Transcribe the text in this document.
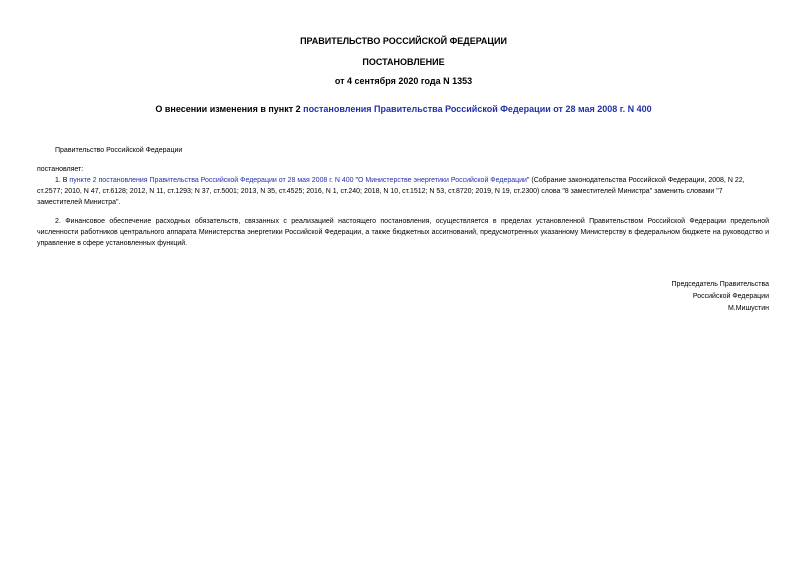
ПРАВИТЕЛЬСТВО РОССИЙСКОЙ ФЕДЕРАЦИИ
ПОСТАНОВЛЕНИЕ
от 4 сентября 2020 года N 1353
О внесении изменения в пункт 2 постановления Правительства Российской Федерации от 28 мая 2008 г. N 400
Правительство Российской Федерации
постановляет:
1. В пункте 2 постановления Правительства Российской Федерации от 28 мая 2008 г. N 400 "О Министерстве энергетики Российской Федерации" (Собрание законодательства Российской Федерации, 2008, N 22, ст.2577; 2010, N 47, ст.6128; 2012, N 11, ст.1293; N 37, ст.5001; 2013, N 35, ст.4525; 2016, N 1, ст.240; 2018, N 10, ст.1512; N 53, ст.8720; 2019, N 19, ст.2300) слова "8 заместителей Министра" заменить словами "7 заместителей Министра".
2. Финансовое обеспечение расходных обязательств, связанных с реализацией настоящего постановления, осуществляется в пределах установленной Правительством Российской Федерации предельной численности работников центрального аппарата Министерства энергетики Российской Федерации, а также бюджетных ассигнований, предусмотренных указанному Министерству в федеральном бюджете на руководство и управление в сфере установленных функций.
Председатель Правительства
Российской Федерации
М.Мишустин
